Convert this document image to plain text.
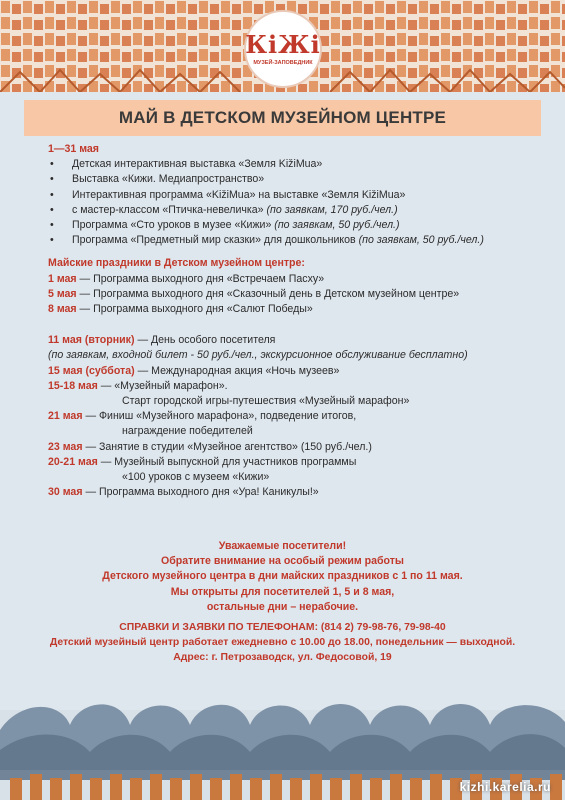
КiЖi
МУЗЕЙ-ЗАПОВЕДНИК
МАЙ В ДЕТСКОМ МУЗЕЙНОМ ЦЕНТРЕ
1—31 мая
• Детская интерактивная выставка «Земля KižiMua»
• Выставка «Кижи. Медиапространство»
• Интерактивная программа «KižiMua» на выставке «Земля KižiMua»
• с мастер-классом «Птичка-невеличка» (по заявкам, 170 руб./чел.)
• Программа «Сто уроков в музее «Кижи» (по заявкам, 50 руб./чел.)
• Программа «Предметный мир сказки» для дошкольников (по заявкам, 50 руб./чел.)
Майские праздники в Детском музейном центре:
1 мая — Программа выходного дня «Встречаем Пасху»
5 мая — Программа выходного дня «Сказочный день в Детском музейном центре»
8 мая — Программа выходного дня «Салют Победы»
11 мая (вторник) — День особого посетителя
(по заявкам, входной билет - 50 руб./чел., экскурсионное обслуживание бесплатно)
15 мая (суббота) — Международная акция «Ночь музеев»
15-18 мая — «Музейный марафон».
Старт городской игры-путешествия «Музейный марафон»
21 мая — Финиш «Музейного марафона», подведение итогов,
награждение победителей
23 мая — Занятие в студии «Музейное агентство» (150 руб./чел.)
20-21 мая — Музейный выпускной для участников программы
«100 уроков с музеем «Кижи»
30 мая — Программа выходного дня «Ура! Каникулы!»
Уважаемые посетители!
Обратите внимание на особый режим работы
Детского музейного центра в дни майских праздников с 1 по 11 мая.
Мы открыты для посетителей 1, 5 и 8 мая,
остальные дни – нерабочие.
СПРАВКИ И ЗАЯВКИ ПО ТЕЛЕФОНАМ: (814 2) 79-98-76, 79-98-40
Детский музейный центр работает ежедневно с 10.00 до 18.00, понедельник — выходной.
Адрес: г. Петрозаводск, ул. Федосовой, 19
kizhi.karelia.ru
